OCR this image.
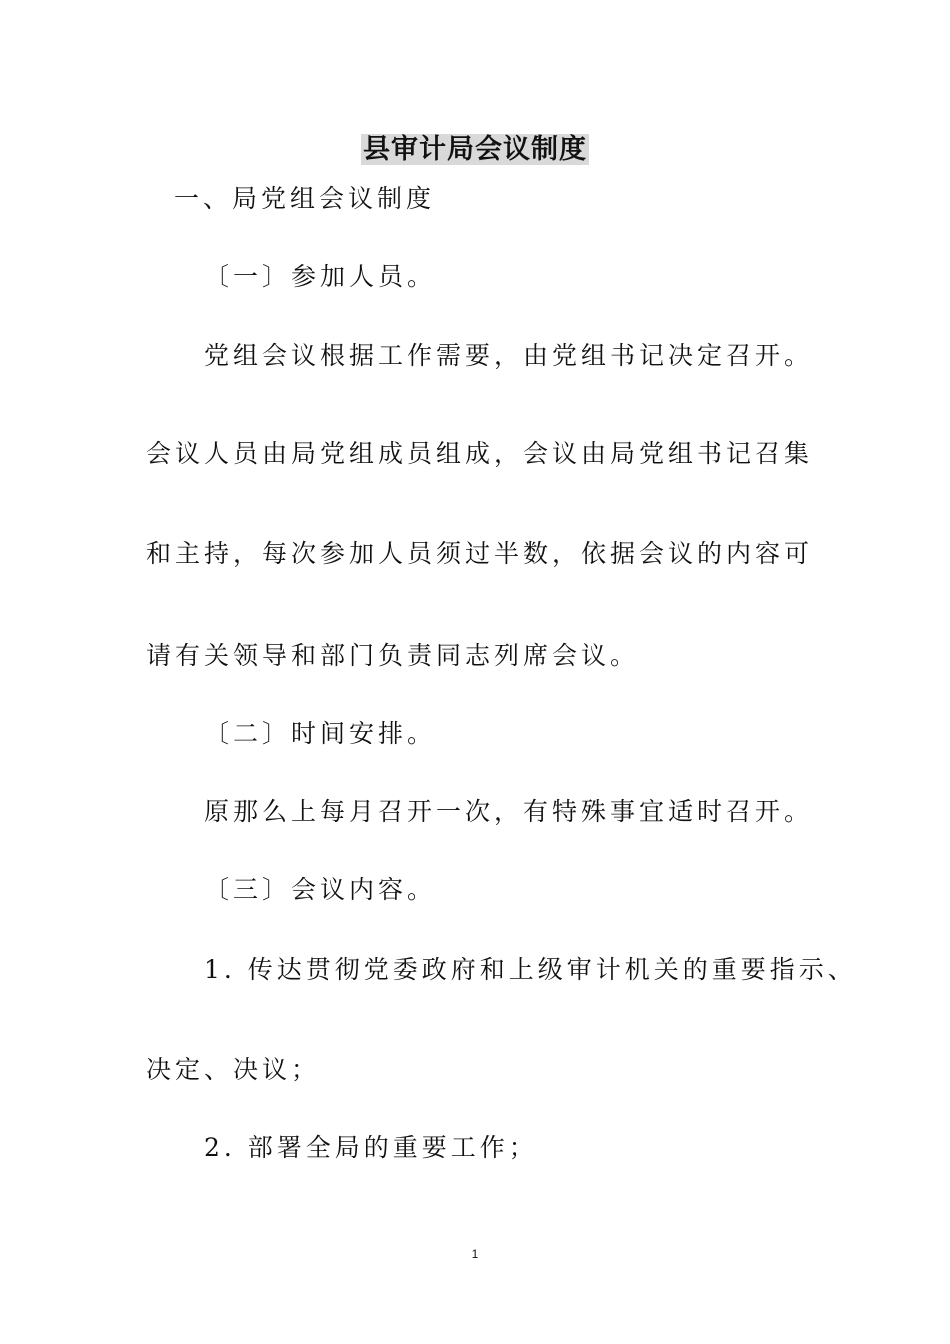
县审计局会议制度
一、局党组会议制度
〔一〕参加人员。
党组会议根据工作需要，由党组书记决定召开。
会议人员由局党组成员组成，会议由局党组书记召集
和主持，每次参加人员须过半数，依据会议的内容可
请有关领导和部门负责同志列席会议。
〔二〕时间安排。
原那么上每月召开一次，有特殊事宜适时召开。
〔三〕会议内容。
1. 传达贯彻党委政府和上级审计机关的重要指示、
决定、决议；
2. 部署全局的重要工作；
1
